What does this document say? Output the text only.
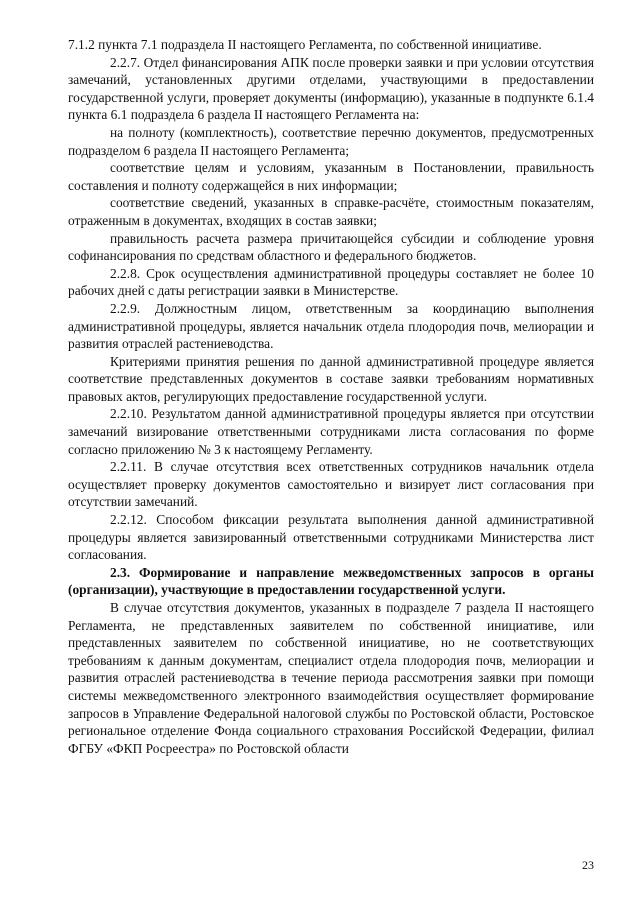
7.1.2 пункта 7.1 подраздела II настоящего Регламента, по собственной инициативе.

2.2.7. Отдел финансирования АПК после проверки заявки и при условии отсутствия замечаний, установленных другими отделами, участвующими в предоставлении государственной услуги, проверяет документы (информацию), указанные в подпункте 6.1.4 пункта 6.1 подраздела 6 раздела II настоящего Регламента на:

на полноту (комплектность), соответствие перечню документов, предусмотренных подразделом 6 раздела II настоящего Регламента;

соответствие целям и условиям, указанным в Постановлении, правильность составления и полноту содержащейся в них информации;

соответствие сведений, указанных в справке-расчёте, стоимостным показателям, отраженным в документах, входящих в состав заявки;

правильность расчета размера причитающейся субсидии и соблюдение уровня софинансирования по средствам областного и федерального бюджетов.

2.2.8. Срок осуществления административной процедуры составляет не более 10 рабочих дней с даты регистрации заявки в Министерстве.

2.2.9. Должностным лицом, ответственным за координацию выполнения административной процедуры, является начальник отдела плодородия почв, мелиорации и развития отраслей растениеводства.

Критериями принятия решения по данной административной процедуре является соответствие представленных документов в составе заявки требованиям нормативных правовых актов, регулирующих предоставление государственной услуги.

2.2.10. Результатом данной административной процедуры является при отсутствии замечаний визирование ответственными сотрудниками листа согласования по форме согласно приложению № 3 к настоящему Регламенту.

2.2.11. В случае отсутствия всех ответственных сотрудников начальник отдела осуществляет проверку документов самостоятельно и визирует лист согласования при отсутствии замечаний.

2.2.12. Способом фиксации результата выполнения данной административной процедуры является завизированный ответственными сотрудниками Министерства лист согласования.

2.3. Формирование и направление межведомственных запросов в органы (организации), участвующие в предоставлении государственной услуги.

В случае отсутствия документов, указанных в подразделе 7 раздела II настоящего Регламента, не представленных заявителем по собственной инициативе, или представленных заявителем по собственной инициативе, но не соответствующих требованиям к данным документам, специалист отдела плодородия почв, мелиорации и развития отраслей растениеводства в течение периода рассмотрения заявки при помощи системы межведомственного электронного взаимодействия осуществляет формирование запросов в Управление Федеральной налоговой службы по Ростовской области, Ростовское региональное отделение Фонда социального страхования Российской Федерации, филиал ФГБУ «ФКП Росреестра» по Ростовской области

23
